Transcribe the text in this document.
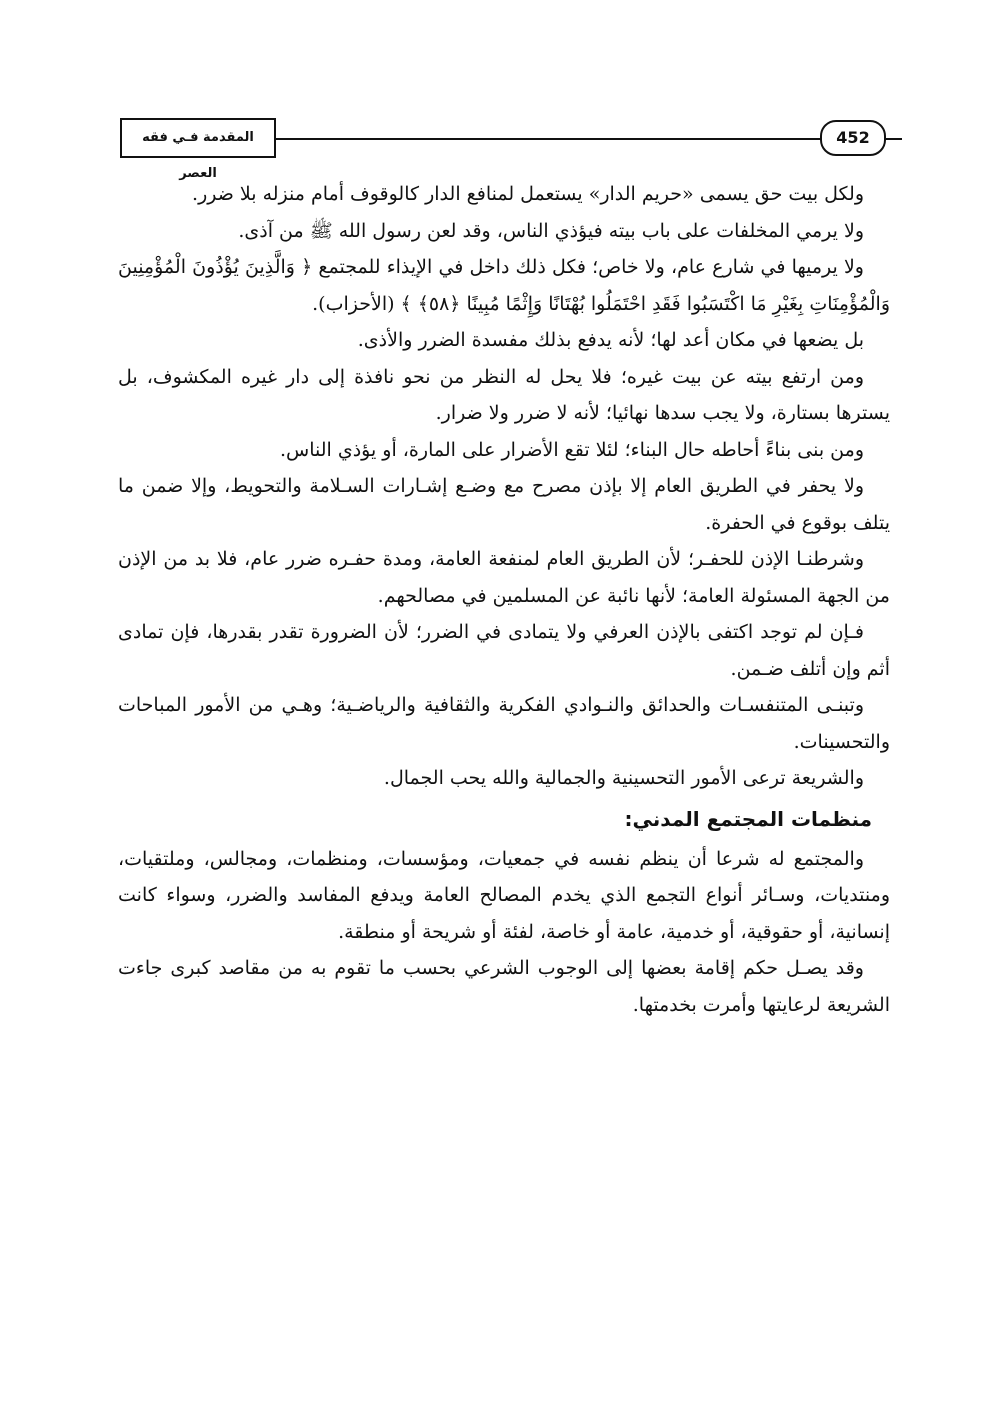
452
المقدمة فـي فقه العصر

ولكل بيت حق يسمى «حريم الدار» يستعمل لمنافع الدار كالوقوف أمام منزله بلا ضرر.

ولا يرمي المخلفات على باب بيته فيؤذي الناس، وقد لعن رسول الله ﷺ من آذى.

ولا يرميها في شارع عام، ولا خاص؛ فكل ذلك داخل في الإيذاء للمجتمع ﴿ وَالَّذِينَ يُؤْذُونَ الْمُؤْمِنِينَ وَالْمُؤْمِنَاتِ بِغَيْرِ مَا اكْتَسَبُوا فَقَدِ احْتَمَلُوا بُهْتَانًا وَإِثْمًا مُبِينًا ﴿٥٨﴾ ﴾ (الأحزاب).

بل يضعها في مكان أعد لها؛ لأنه يدفع بذلك مفسدة الضرر والأذى.

ومن ارتفع بيته عن بيت غيره؛ فلا يحل له النظر من نحو نافذة إلى دار غيره المكشوف، بل يسترها بستارة، ولا يجب سدها نهائيا؛ لأنه لا ضرر ولا ضرار.

ومن بنى بناءً أحاطه حال البناء؛ لئلا تقع الأضرار على المارة، أو يؤذي الناس.

ولا يحفر في الطريق العام إلا بإذن مصرح مع وضـع إشـارات السـلامة والتحويط، وإلا ضمن ما يتلف بوقوع في الحفرة.

وشرطنـا الإذن للحفـر؛ لأن الطريق العام لمنفعة العامة، ومدة حفـره ضرر عام، فلا بد من الإذن من الجهة المسئولة العامة؛ لأنها نائبة عن المسلمين في مصالحهم.

فـإن لم توجد اكتفى بالإذن العرفي ولا يتمادى في الضرر؛ لأن الضرورة تقدر بقدرها، فإن تمادى أثم وإن أتلف ضـمن.

وتبنـى المتنفسـات والحدائق والنـوادي الفكرية والثقافية والرياضـية؛ وهـي من الأمور المباحات والتحسينات.

والشريعة ترعى الأمور التحسينية والجمالية والله يحب الجمال.

منظمات المجتمع المدني:

والمجتمع له شرعا أن ينظم نفسه في جمعيات، ومؤسسات، ومنظمات، ومجالس، وملتقيات، ومنتديات، وسـائر أنواع التجمع الذي يخدم المصالح العامة ويدفع المفاسد والضرر، وسواء كانت إنسانية، أو حقوقية، أو خدمية، عامة أو خاصة، لفئة أو شريحة أو منطقة.

وقد يصـل حكم إقامة بعضها إلى الوجوب الشرعي بحسب ما تقوم به من مقاصد كبرى جاءت الشريعة لرعايتها وأمرت بخدمتها.
